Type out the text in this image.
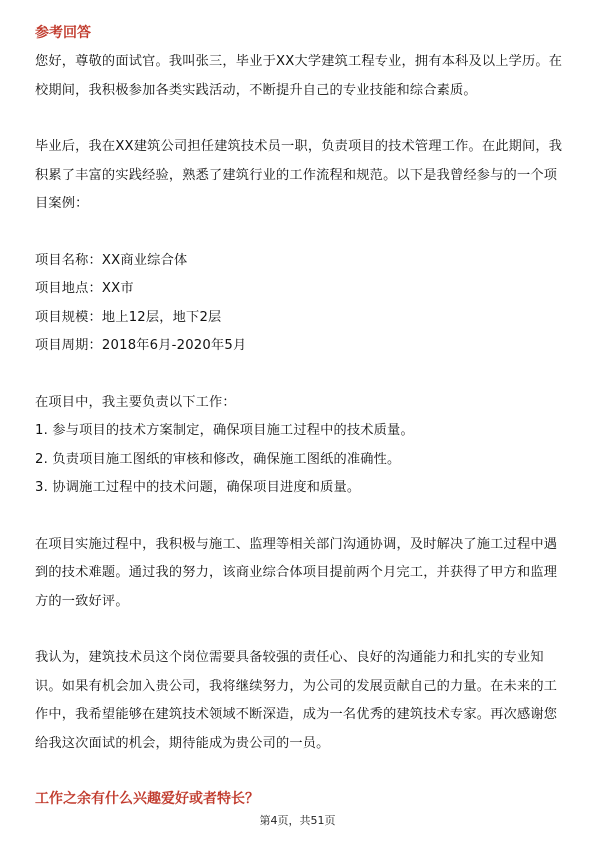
参考回答

您好，尊敬的面试官。我叫张三，毕业于XX大学建筑工程专业，拥有本科及以上学历。在校期间，我积极参加各类实践活动，不断提升自己的专业技能和综合素质。

毕业后，我在XX建筑公司担任建筑技术员一职，负责项目的技术管理工作。在此期间，我积累了丰富的实践经验，熟悉了建筑行业的工作流程和规范。以下是我曾经参与的一个项目案例：

项目名称：XX商业综合体
项目地点：XX市
项目规模：地上12层，地下2层
项目周期：2018年6月-2020年5月
在项目中，我主要负责以下工作：
1. 参与项目的技术方案制定，确保项目施工过程中的技术质量。
2. 负责项目施工图纸的审核和修改，确保施工图纸的准确性。
3. 协调施工过程中的技术问题，确保项目进度和质量。

在项目实施过程中，我积极与施工、监理等相关部门沟通协调，及时解决了施工过程中遇到的技术难题。通过我的努力，该商业综合体项目提前两个月完工，并获得了甲方和监理方的一致好评。

我认为，建筑技术员这个岗位需要具备较强的责任心、良好的沟通能力和扎实的专业知识。如果有机会加入贵公司，我将继续努力，为公司的发展贡献自己的力量。在未来的工作中，我希望能够在建筑技术领域不断深造，成为一名优秀的建筑技术专家。再次感谢您给我这次面试的机会，期待能成为贵公司的一员。

工作之余有什么兴趣爱好或者特长？
第4页，共51页
